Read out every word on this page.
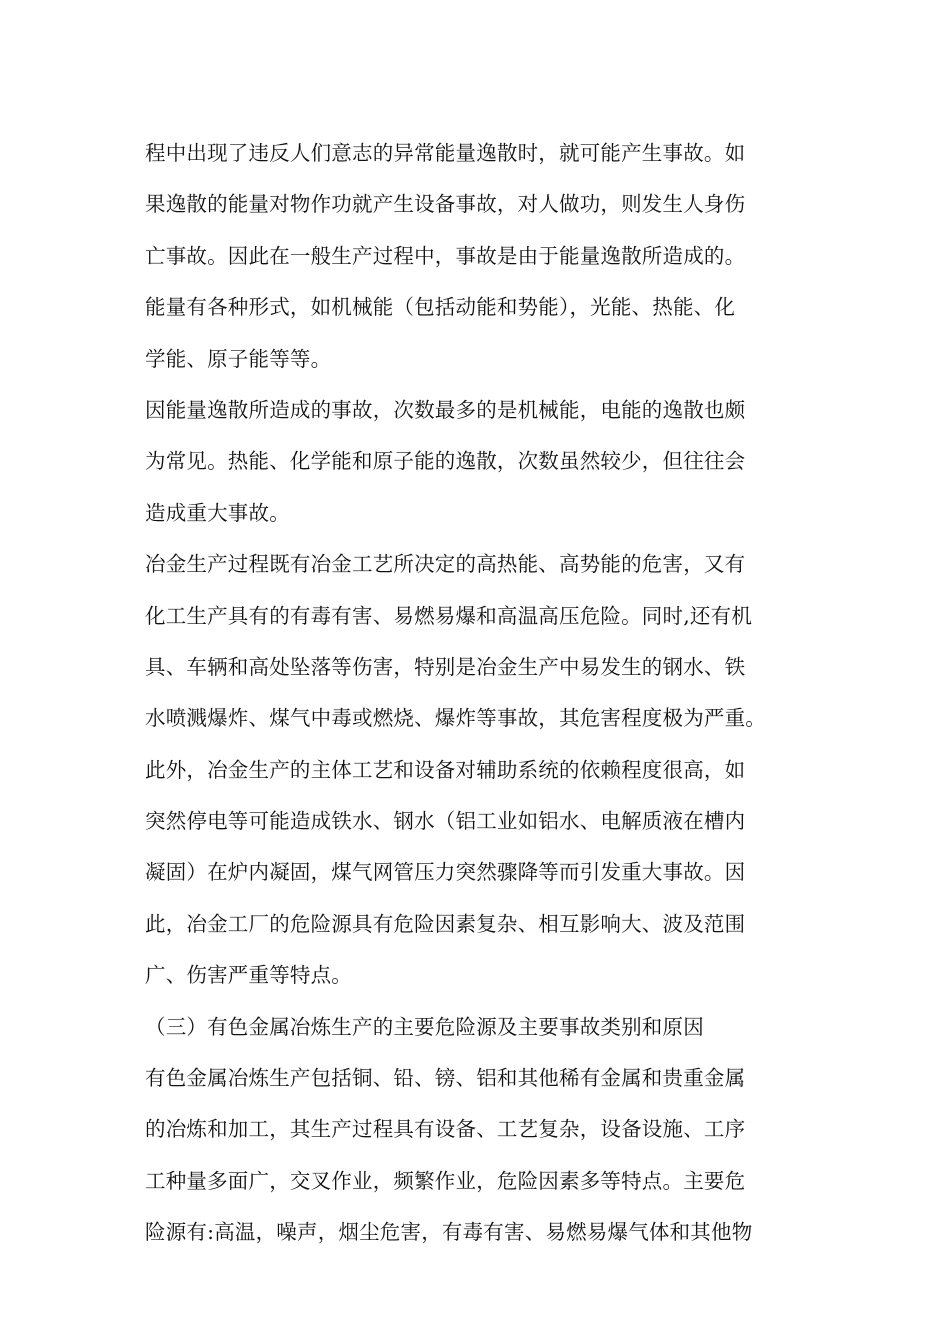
程中出现了违反人们意志的异常能量逸散时，就可能产生事故。如
果逸散的能量对物作功就产生设备事故，对人做功，则发生人身伤
亡事故。因此在一般生产过程中，事故是由于能量逸散所造成的。
能量有各种形式，如机械能（包括动能和势能），光能、热能、化
学能、原子能等等。
因能量逸散所造成的事故，次数最多的是机械能，电能的逸散也颇
为常见。热能、化学能和原子能的逸散，次数虽然较少，但往往会
造成重大事故。
冶金生产过程既有冶金工艺所决定的高热能、高势能的危害，又有
化工生产具有的有毒有害、易燃易爆和高温高压危险。同时,还有机
具、车辆和高处坠落等伤害，特别是冶金生产中易发生的钢水、铁
水喷溅爆炸、煤气中毒或燃烧、爆炸等事故，其危害程度极为严重。
此外，冶金生产的主体工艺和设备对辅助系统的依赖程度很高，如
突然停电等可能造成铁水、钢水（铝工业如铝水、电解质液在槽内
凝固）在炉内凝固，煤气网管压力突然骤降等而引发重大事故。因
此，冶金工厂的危险源具有危险因素复杂、相互影响大、波及范围
广、伤害严重等特点。
（三）有色金属冶炼生产的主要危险源及主要事故类别和原因
有色金属冶炼生产包括铜、铅、镑、铝和其他稀有金属和贵重金属
的冶炼和加工，其生产过程具有设备、工艺复杂，设备设施、工序
工种量多面广，交叉作业，频繁作业，危险因素多等特点。主要危
险源有:高温，噪声，烟尘危害，有毒有害、易燃易爆气体和其他物
